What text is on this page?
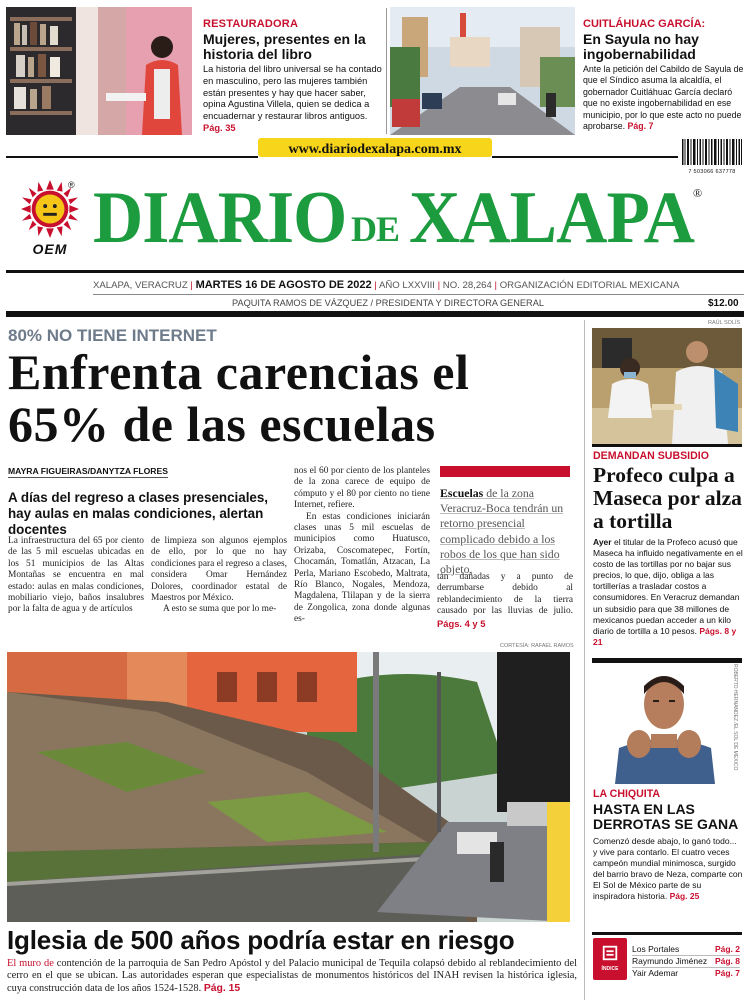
RESTAURADORA
Mujeres, presentes en la historia del libro
La historia del libro universal se ha contado en masculino, pero las mujeres también están presentes y hay que hacer saber, opina Agustina Villela, quien se dedica a encuadernar y restaurar libros antiguos. Pág. 35
CUITLÁHUAC GARCÍA:
En Sayula no hay ingobernabilidad
Ante la petición del Cabildo de Sayula de que el Síndico asuma la alcaldía, el gobernador Cuitláhuac García declaró que no existe ingobernabilidad en ese municipio, por lo que este acto no puede aprobarse. Pág. 7
www.diariodexalapa.com.mx
7 503066 637778
OEM
® DIARIO DE XALAPA ®
XALAPA, VERACRUZ | MARTES 16 DE AGOSTO DE 2022 | AÑO LXXVIII | NO. 28,264 | ORGANIZACIÓN EDITORIAL MEXICANA
PAQUITA RAMOS DE VÁZQUEZ / PRESIDENTA Y DIRECTORA GENERAL	$12.00
80% NO TIENE INTERNET
Enfrenta carencias el 65% de las escuelas
MAYRA FIGUEIRAS/DANYTZA FLORES
A días del regreso a clases presenciales, hay aulas en malas condiciones, alertan docentes

La infraestructura del 65 por ciento de las 5 mil escuelas ubicadas en los 51 municipios de las Altas Montañas se encuentra en mal estado: aulas en malas condiciones, mobiliario viejo, baños insalubres por la falta de agua y de artículos

de limpieza son algunos ejemplos de ello, por lo que no hay condiciones para el regreso a clases, considera Omar Hernández Dolores, coordinador estatal de Maestros por México.

A esto se suma que por lo me-

nos el 60 por ciento de los planteles de la zona carece de equipo de cómputo y el 80 por ciento no tiene Internet, refiere.

En estas condiciones iniciarán clases unas 5 mil escuelas de municipios como Huatusco, Orizaba, Coscomatepec, Fortín, Chocamán, Tomatlán, Atzacan, La Perla, Mariano Escobedo, Maltrata, Río Blanco, Nogales, Mendoza, Magdalena, Tlilapan y de la sierra de Zongolica, zona donde algunas es-

Escuelas de la zona Veracruz-Boca tendrán un retorno presencial complicado debido a los robos de los que han sido objeto.

tán dañadas y a punto de derrumbarse debido al reblandecimiento de la tierra causado por las lluvias de julio. Págs. 4 y 5

RAÚL SOLÍS
DEMANDAN SUBSIDIO
Profeco culpa a Maseca por alza a tortilla
Ayer el titular de la Profeco acusó que Maseca ha influido negativamente en el costo de las tortillas por no bajar sus precios, lo que, dijo, obliga a las tortillerías a trasladar costos a consumidores. En Veracruz demandan un subsidio para que 38 millones de mexicanos puedan acceder a un kilo diario de tortilla a 10 pesos. Págs. 8 y 21
ROBERTO HERNÁNDEZ /EL SOL DE MÉXICO
LA CHIQUITA
HASTA EN LAS DERROTAS SE GANA
Comenzó desde abajo, lo ganó todo... y vive para contarlo. El cuatro veces campeón mundial minimosca, surgido del barrio bravo de Neza, comparte con El Sol de México parte de su inspiradora historia. Pág. 25
ÍNDICE
Los Portales	Pág. 2
Raymundo Jiménez Pág. 8
Yair Ademar	Pág. 7
CORTESÍA: RAFAEL RAMOS
Iglesia de 500 años podría estar en riesgo
El muro de contención de la parroquia de San Pedro Apóstol y del Palacio municipal de Tequila colapsó debido al reblandecimiento del cerro en el que se ubican. Las autoridades esperan que especialistas de monumentos históricos del INAH revisen la histórica iglesia, cuya construcción data de los años 1524-1528. Pág. 15
